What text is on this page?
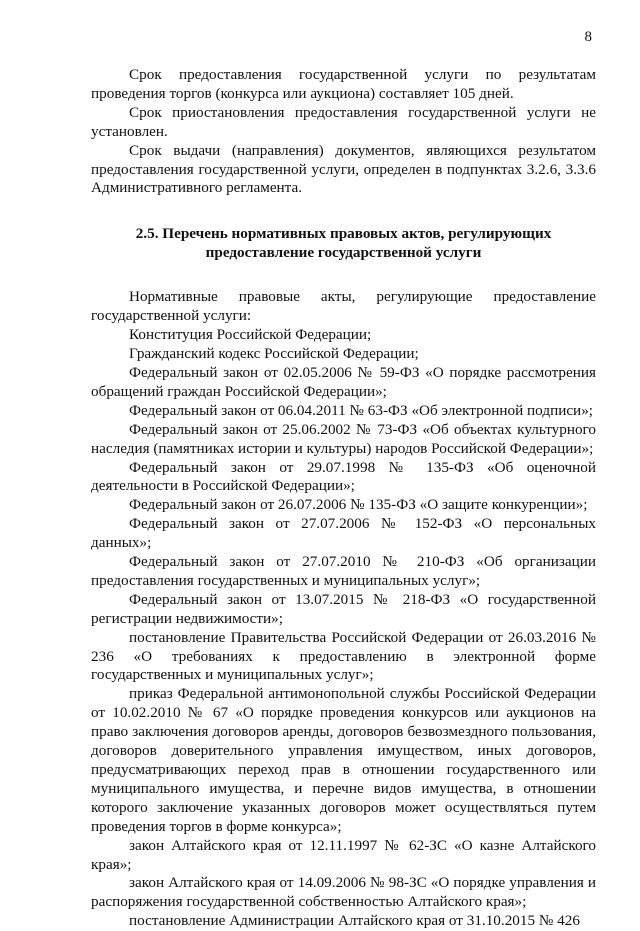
8

Срок предоставления государственной услуги по результатам проведения торгов (конкурса или аукциона) составляет 105 дней.

Срок приостановления предоставления государственной услуги не установлен.

Срок выдачи (направления) документов, являющихся результатом предоставления государственной услуги, определен в подпунктах 3.2.6, 3.3.6 Административного регламента.

2.5. Перечень нормативных правовых актов, регулирующих
предоставление государственной услуги

Нормативные правовые акты, регулирующие предоставление государственной услуги:

Конституция Российской Федерации;

Гражданский кодекс Российской Федерации;

Федеральный закон от 02.05.2006 № 59-ФЗ «О порядке рассмотрения обращений граждан Российской Федерации»;

Федеральный закон от 06.04.2011 № 63-ФЗ «Об электронной подписи»;

Федеральный закон от 25.06.2002 № 73-ФЗ «Об объектах культурного наследия (памятниках истории и культуры) народов Российской Федерации»;

Федеральный закон от 29.07.1998 № 135-ФЗ «Об оценочной деятельности в Российской Федерации»;

Федеральный закон от 26.07.2006 № 135-ФЗ «О защите конкуренции»;

Федеральный закон от 27.07.2006 № 152-ФЗ «О персональных данных»;

Федеральный закон от 27.07.2010 № 210-ФЗ «Об организации предоставления государственных и муниципальных услуг»;

Федеральный закон от 13.07.2015 № 218-ФЗ «О государственной регистрации недвижимости»;

постановление Правительства Российской Федерации от 26.03.2016 № 236 «О требованиях к предоставлению в электронной форме государственных и муниципальных услуг»;

приказ Федеральной антимонопольной службы Российской Федерации от 10.02.2010 № 67 «О порядке проведения конкурсов или аукционов на право заключения договоров аренды, договоров безвозмездного пользования, договоров доверительного управления имуществом, иных договоров, предусматривающих переход прав в отношении государственного или муниципального имущества, и перечне видов имущества, в отношении которого заключение указанных договоров может осуществляться путем проведения торгов в форме конкурса»;

закон Алтайского края от 12.11.1997 № 62-ЗС «О казне Алтайского края»;

закон Алтайского края от 14.09.2006 № 98-ЗС «О порядке управления и распоряжения государственной собственностью Алтайского края»;

постановление Администрации Алтайского края от 31.10.2015 № 426
